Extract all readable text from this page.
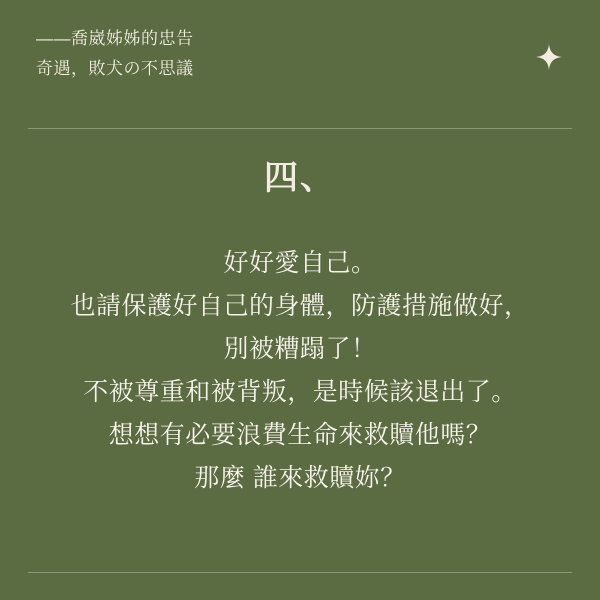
——喬崴姊姊的忠告
奇遇，敗犬の不思議
四、
好好愛自己。
也請保護好自己的身體，防護措施做好，
別被糟蹋了！
不被尊重和被背叛，是時候該退出了。
想想有必要浪費生命來救贖他嗎？
那麼 誰來救贖妳？
